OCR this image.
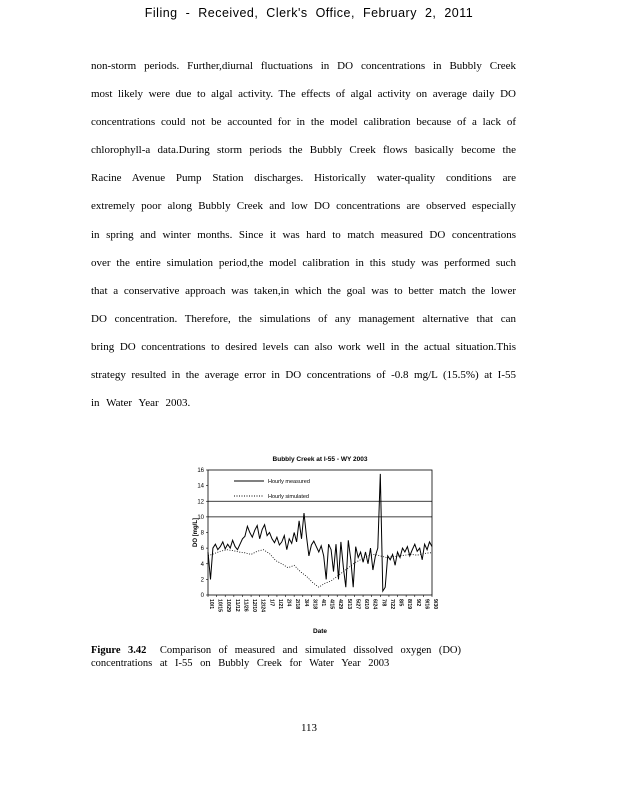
Filing - Received, Clerk's Office, February 2, 2011
non-storm periods. Further,diurnal fluctuations in DO concentrations in Bubbly Creek
most likely were due to algal activity. The effects of algal activity on average daily DO
concentrations could not be accounted for in the model calibration because of a lack of
chlorophyll-a data.During storm periods the Bubbly Creek flows basically become the
Racine Avenue Pump Station discharges. Historically water-quality conditions are
extremely poor along Bubbly Creek and low DO concentrations are observed especially
in spring and winter months. Since it was hard to match measured DO concentrations
over the entire simulation period,the model calibration in this study was performed such
that a conservative approach was taken,in which the goal was to better match the lower
DO concentration. Therefore, the simulations of any management alternative that can
bring DO concentrations to desired levels can also work well in the actual situation.This
strategy resulted in the average error in DO concentrations of -0.8 mg/L (15.5%) at I-55
in Water Year 2003.
Bubbly Creek at I-55 - WY 2003
0
2
4
6
8
10
12
14
16
DO [mg/L]
10/1 10/15 10/29 11/12 11/26 12/10 12/24 1/7 1/21 2/4 2/18 3/4 3/18 4/1 4/15 4/29 5/13 5/27 6/10 6/24 7/8 7/22 8/5 8/19 9/2 9/16 9/30
Date
Hourly measured
Hourly simulated
Figure 3.42 Comparison of measured and simulated dissolved oxygen (DO)
concentrations at I-55 on Bubbly Creek for Water Year 2003
113
